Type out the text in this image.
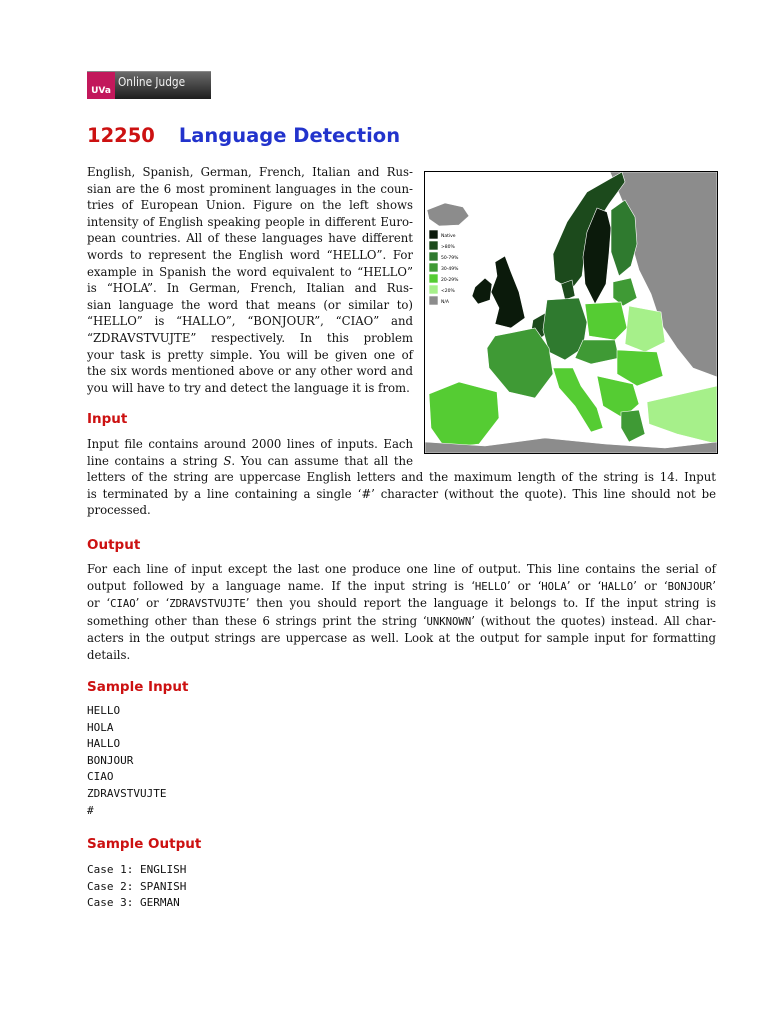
UVa
Online Judge
12250 Language Detection

English, Spanish, German, French, Italian and Rus-
sian are the 6 most prominent languages in the coun-
tries of European Union. Figure on the left shows
intensity of English speaking people in different Euro-
pean countries. All of these languages have different
words to represent the English word “HELLO”. For
example in Spanish the word equivalent to “HELLO”
is “HOLA”. In German, French, Italian and Rus-
sian language the word that means (or similar to)
“HELLO” is “HALLO”, “BONJOUR”, “CIAO” and
“ZDRAVSTVUJTE” respectively. In this problem
your task is pretty simple. You will be given one of
the six words mentioned above or any other word and
you will have to try and detect the language it is from.

Native
>80%
50-79%
30-49%
20-29%
<20%
N/A
Input

Input file contains around 2000 lines of inputs. Each
line contains a string S. You can assume that all the
letters of the string are uppercase English letters and the maximum length of the string is 14. Input
is terminated by a line containing a single ‘#’ character (without the quote). This line should not be
processed.

Output

For each line of input except the last one produce one line of output. This line contains the serial of
output followed by a language name. If the input string is ‘HELLO’ or ‘HOLA’ or ‘HALLO’ or ‘BONJOUR’
or ‘CIAO’ or ‘ZDRAVSTVUJTE’ then you should report the language it belongs to. If the input string is
something other than these 6 strings print the string ‘UNKNOWN’ (without the quotes) instead. All char-
acters in the output strings are uppercase as well. Look at the output for sample input for formatting
details.

Sample Input
HELLO
HOLA
HALLO
BONJOUR
CIAO
ZDRAVSTVUJTE
#
Sample Output
Case 1: ENGLISH
Case 2: SPANISH
Case 3: GERMAN
